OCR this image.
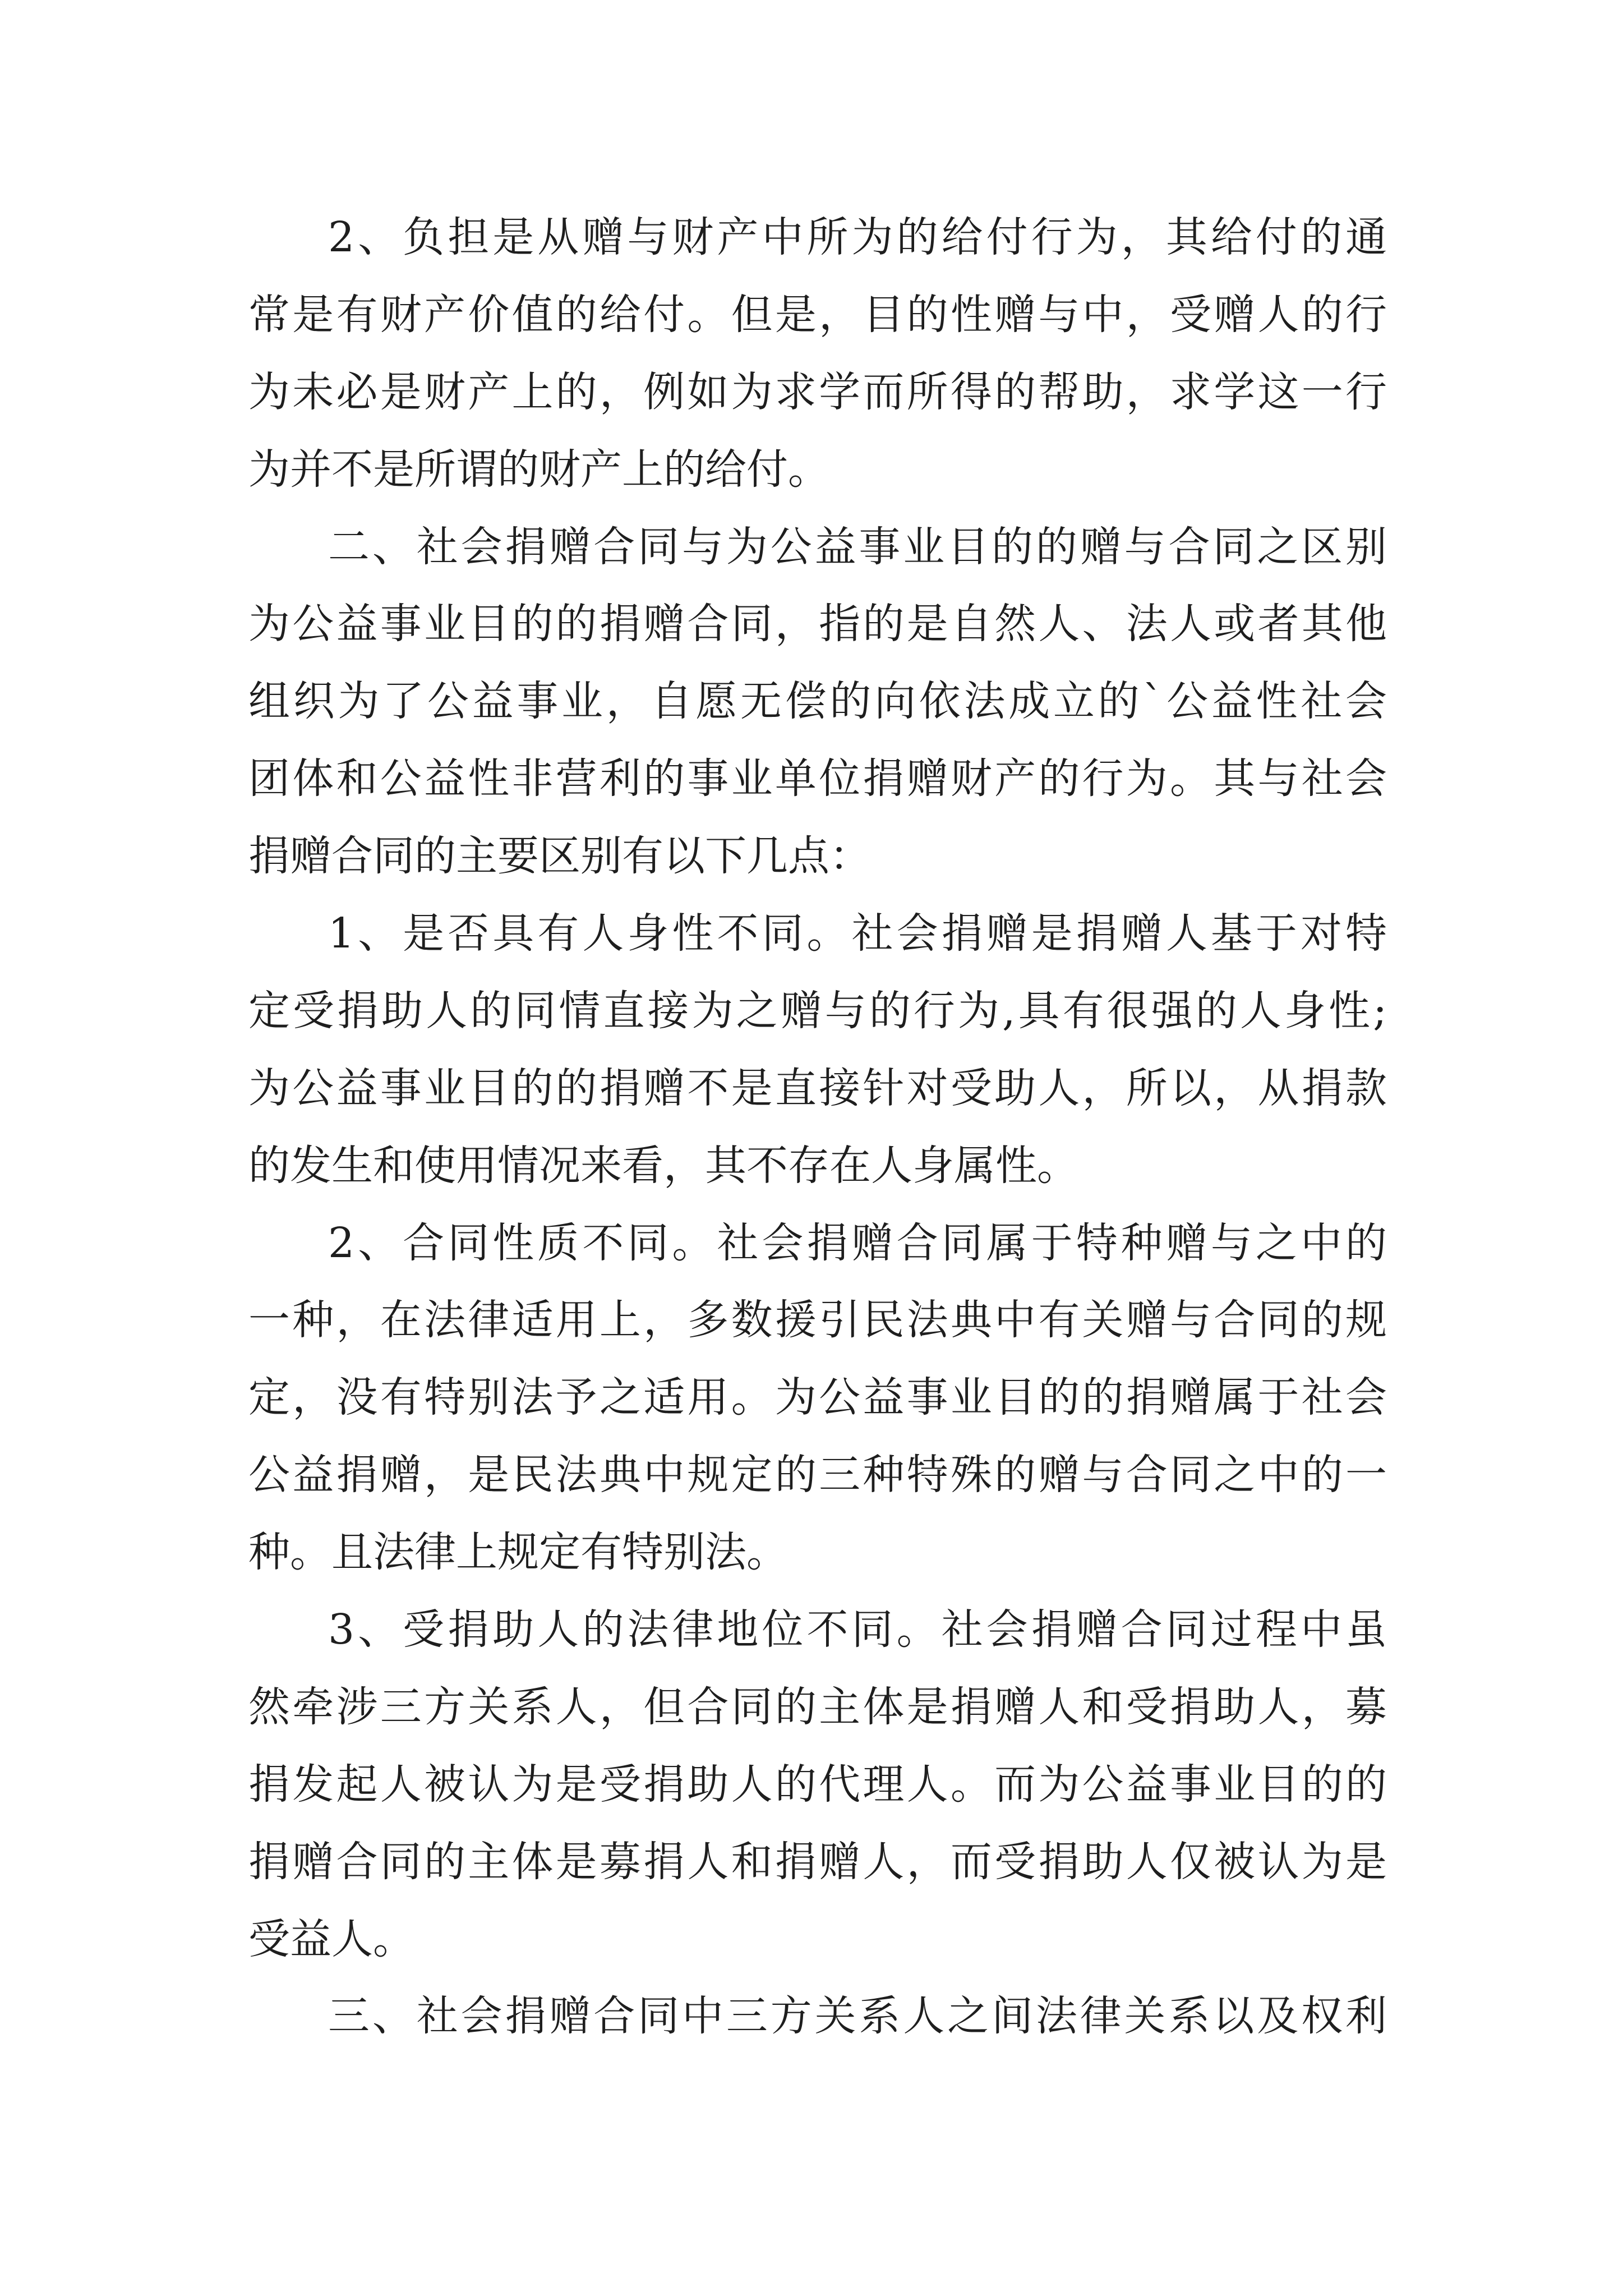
2、负担是从赠与财产中所为的给付行为，其给付的通
常是有财产价值的给付。但是，目的性赠与中，受赠人的行
为未必是财产上的，例如为求学而所得的帮助，求学这一行
为并不是所谓的财产上的给付。
二、社会捐赠合同与为公益事业目的的赠与合同之区别
为公益事业目的的捐赠合同，指的是自然人、法人或者其他
组织为了公益事业，自愿无偿的向依法成立的`公益性社会
团体和公益性非营利的事业单位捐赠财产的行为。其与社会
捐赠合同的主要区别有以下几点：
1、是否具有人身性不同。社会捐赠是捐赠人基于对特
定受捐助人的同情直接为之赠与的行为,具有很强的人身性;
为公益事业目的的捐赠不是直接针对受助人，所以，从捐款
的发生和使用情况来看，其不存在人身属性。
2、合同性质不同。社会捐赠合同属于特种赠与之中的
一种，在法律适用上，多数援引民法典中有关赠与合同的规
定，没有特别法予之适用。为公益事业目的的捐赠属于社会
公益捐赠，是民法典中规定的三种特殊的赠与合同之中的一
种。且法律上规定有特别法。
3、受捐助人的法律地位不同。社会捐赠合同过程中虽
然牵涉三方关系人，但合同的主体是捐赠人和受捐助人，募
捐发起人被认为是受捐助人的代理人。而为公益事业目的的
捐赠合同的主体是募捐人和捐赠人，而受捐助人仅被认为是
受益人。
三、社会捐赠合同中三方关系人之间法律关系以及权利
